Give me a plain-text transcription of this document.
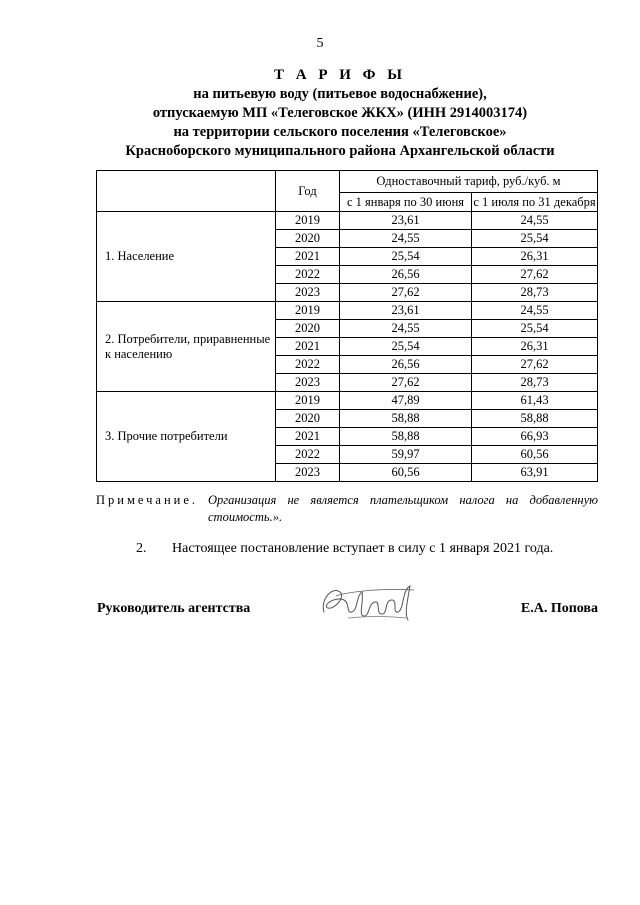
5
Т А Р И Ф Ы
на питьевую воду (питьевое водоснабжение),
отпускаемую МП «Телеговское ЖКХ» (ИНН 2914003174)
на территории сельского поселения «Телеговское»
Красноборского муниципального района Архангельской области
	Год	Одноставочный тариф, руб./куб. м	
		с 1 января по 30 июня	с 1 июля по 31 декабря
1. Население	2019	23,61	24,55
	2020	24,55	25,54
	2021	25,54	26,31
	2022	26,56	27,62
	2023	27,62	28,73
2. Потребители, приравненные к населению	2019	23,61	24,55
	2020	24,55	25,54
	2021	25,54	26,31
	2022	26,56	27,62
	2023	27,62	28,73
3. Прочие потребители	2019	47,89	61,43
	2020	58,88	58,88
	2021	58,88	66,93
	2022	59,97	60,56
	2023	60,56	63,91
Примечание. Организация не является плательщиком налога на добавленную стоимость.».
2. Настоящее постановление вступает в силу с 1 января 2021 года.
Руководитель агентства	Е.А. Попова
